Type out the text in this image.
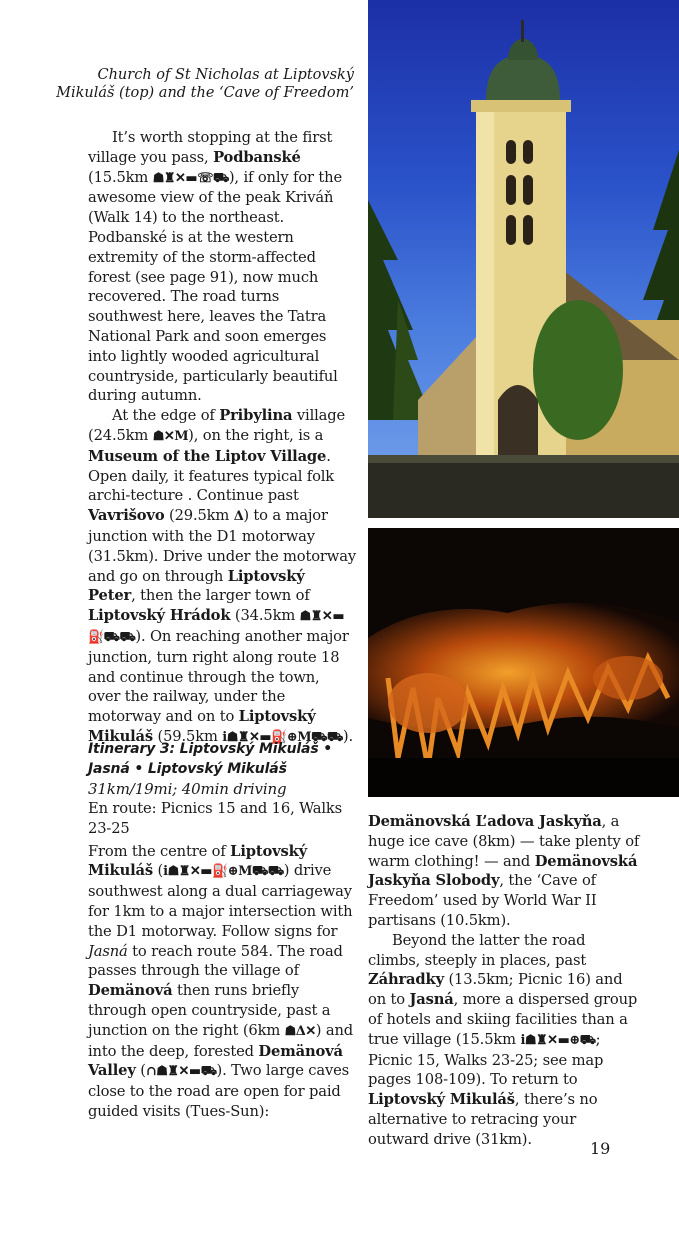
Church of St Nicholas at Liptovský
Mikuláš (top) and the ‘Cave of Freedom’

It’s worth stopping at the first village you pass, Podbanské (15.5km ☗♜✕▬☏⛟), if only for the awesome view of the peak Kriváň (Walk 14) to the northeast. Podbanské is at the western extremity of the storm-affected forest (see page 91), now much recovered. The road turns southwest here, leaves the Tatra National Park and soon emerges into lightly wooded agricultural countryside, particularly beautiful during autumn.

At the edge of Pribylina village (24.5km ☗✕M), on the right, is a Museum of the Liptov Village. Open daily, it features typical folk archi-tecture . Continue past Vavrišovo (29.5km Δ) to a major junction with the D1 motorway (31.5km). Drive under the motorway and go on through Liptovský Peter, then the larger town of Liptovský Hrádok (34.5km ☗♜✕▬⛽⛟⛟). On reaching another major junction, turn right along route 18 and continue through the town, over the railway, under the motorway and on to Liptovský Mikuláš (59.5km i☗♜✕▬⛽⊕M⛟⛟).

Itinerary 3: Liptovský Mikuláš • Jasná • Liptovský Mikuláš

31km/19mi; 40min driving

En route: Picnics 15 and 16, Walks 23-25

From the centre of Liptovský Mikuláš (i☗♜✕▬⛽⊕M⛟⛟) drive southwest along a dual carriageway for 1km to a major intersection with the D1 motorway. Follow signs for Jasná to reach route 584. The road passes through the village of Demänová then runs briefly through open countryside, past a junction on the right (6km ☗Δ✕) and into the deep, forested Demänová Valley (∩☗♜✕▬⛟). Two large caves close to the road are open for paid guided visits (Tues-Sun):

Demänovská L’adova Jaskyňa, a huge ice cave (8km) — take plenty of warm clothing! — and Demänovská Jaskyňa Slobody, the ‘Cave of Freedom’ used by World War II partisans (10.5km).

Beyond the latter the road climbs, steeply in places, past Záhradky (13.5km; Picnic 16) and on to Jasná, more a dispersed group of hotels and skiing facilities than a true village (15.5km i☗♜✕▬⊕⛟; Picnic 15, Walks 23-25; see map pages 108-109). To return to Liptovský Mikuláš, there’s no alternative to retracing your outward drive (31km).	19
